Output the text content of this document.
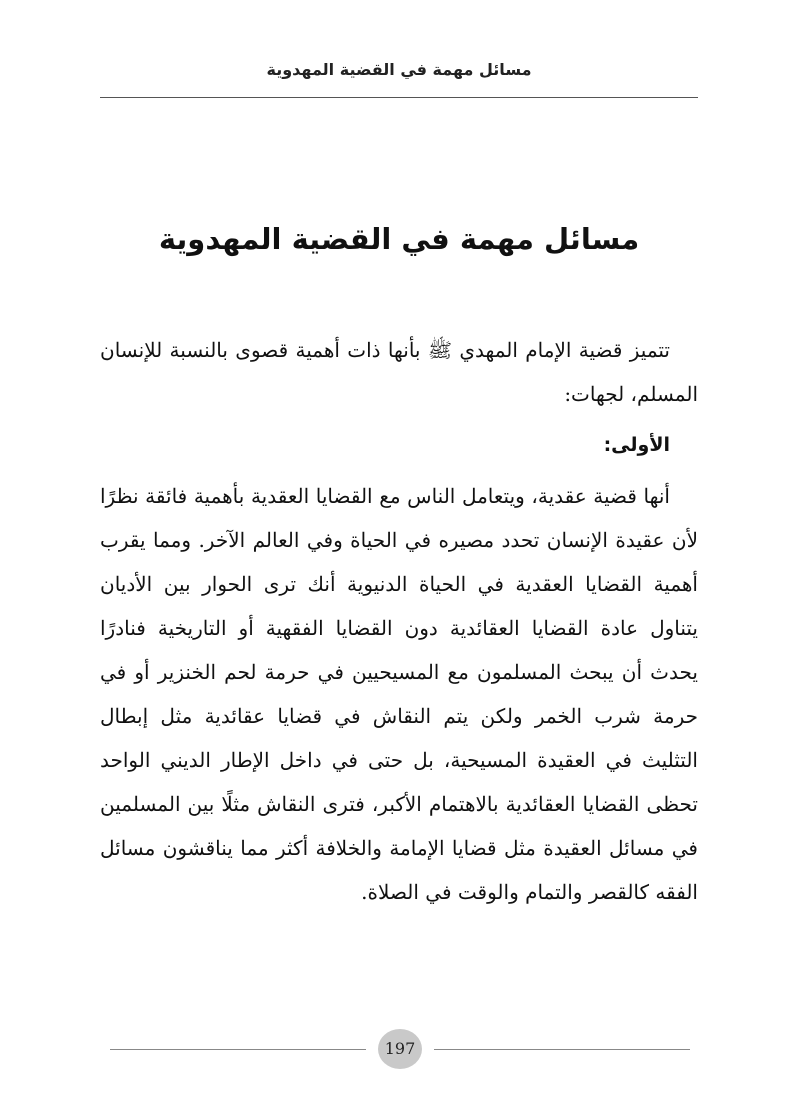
مسائل مهمة في القضية المهدوية
مسائل مهمة في القضية المهدوية

تتميز قضية الإمام المهدي ﷺ بأنها ذات أهمية قصوى بالنسبة للإنسان المسلم، لجهات:

الأولى:

أنها قضية عقدية، ويتعامل الناس مع القضايا العقدية بأهمية فائقة نظرًا لأن عقيدة الإنسان تحدد مصيره في الحياة وفي العالم الآخر. ومما يقرب أهمية القضايا العقدية في الحياة الدنيوية أنك ترى الحوار بين الأديان يتناول عادة القضايا العقائدية دون القضايا الفقهية أو التاريخية فنادرًا يحدث أن يبحث المسلمون مع المسيحيين في حرمة لحم الخنزير أو في حرمة شرب الخمر ولكن يتم النقاش في قضايا عقائدية مثل إبطال التثليث في العقيدة المسيحية، بل حتى في داخل الإطار الديني الواحد تحظى القضايا العقائدية بالاهتمام الأكبر، فترى النقاش مثلًا بين المسلمين في مسائل العقيدة مثل قضايا الإمامة والخلافة أكثر مما يناقشون مسائل الفقه كالقصر والتمام والوقت في الصلاة.

197
